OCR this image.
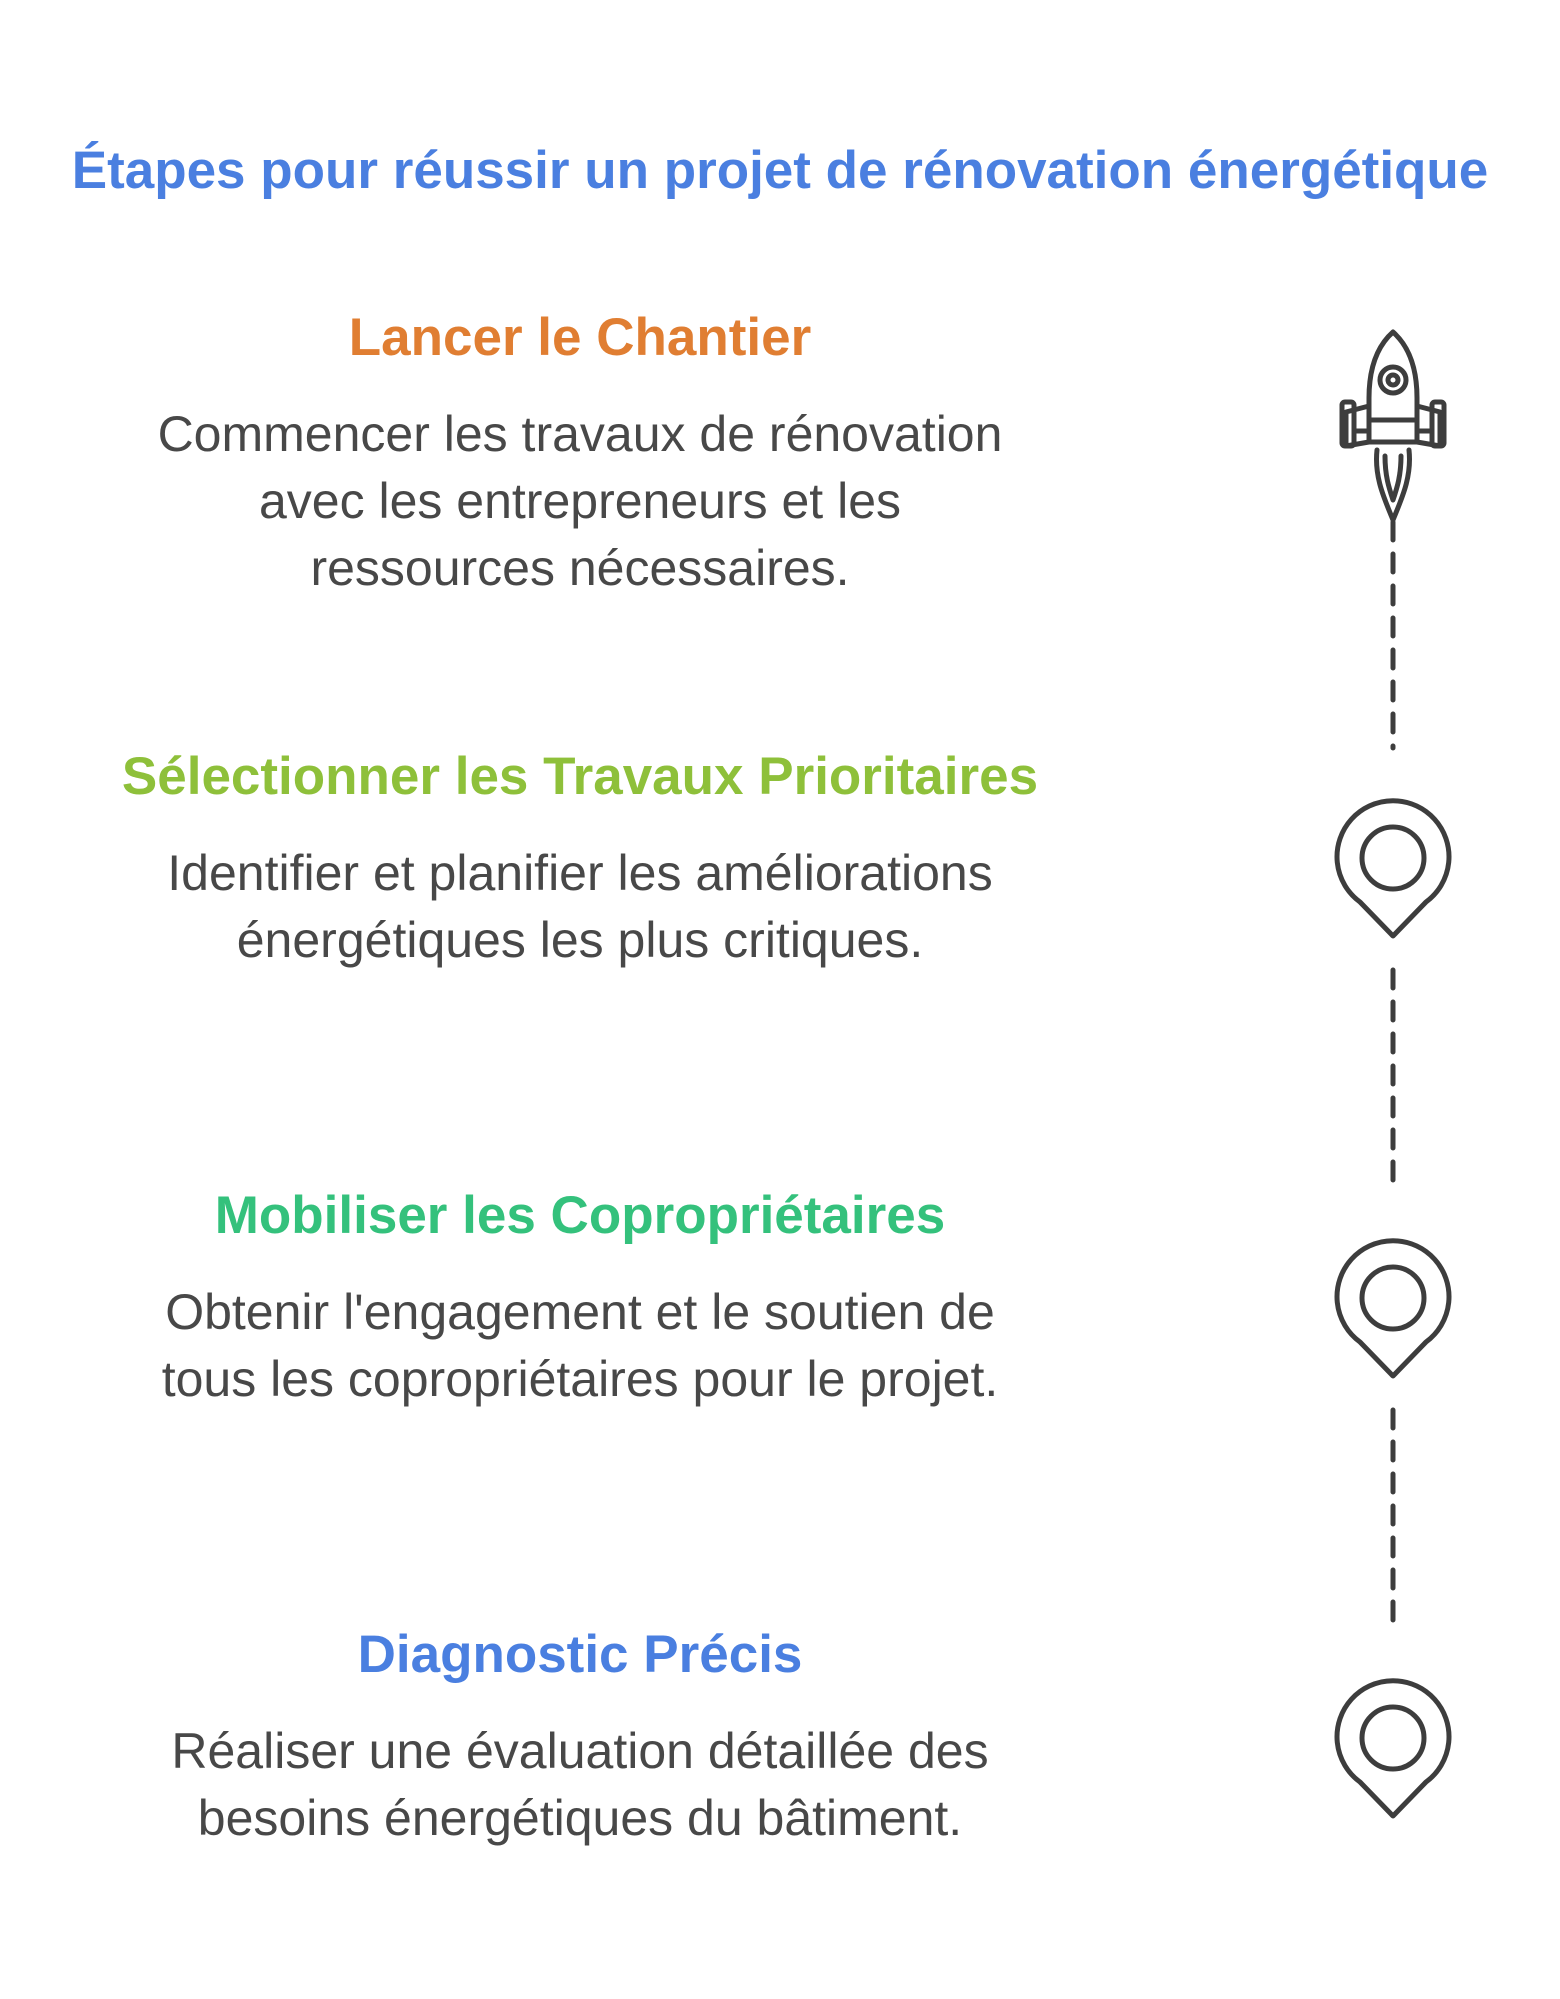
Étapes pour réussir un projet de rénovation énergétique
Lancer le Chantier

Commencer les travaux de rénovation
avec les entrepreneurs et les
ressources nécessaires.

Sélectionner les Travaux Prioritaires

Identifier et planifier les améliorations
énergétiques les plus critiques.

Mobiliser les Copropriétaires

Obtenir l'engagement et le soutien de
tous les copropriétaires pour le projet.

Diagnostic Précis

Réaliser une évaluation détaillée des
besoins énergétiques du bâtiment.
